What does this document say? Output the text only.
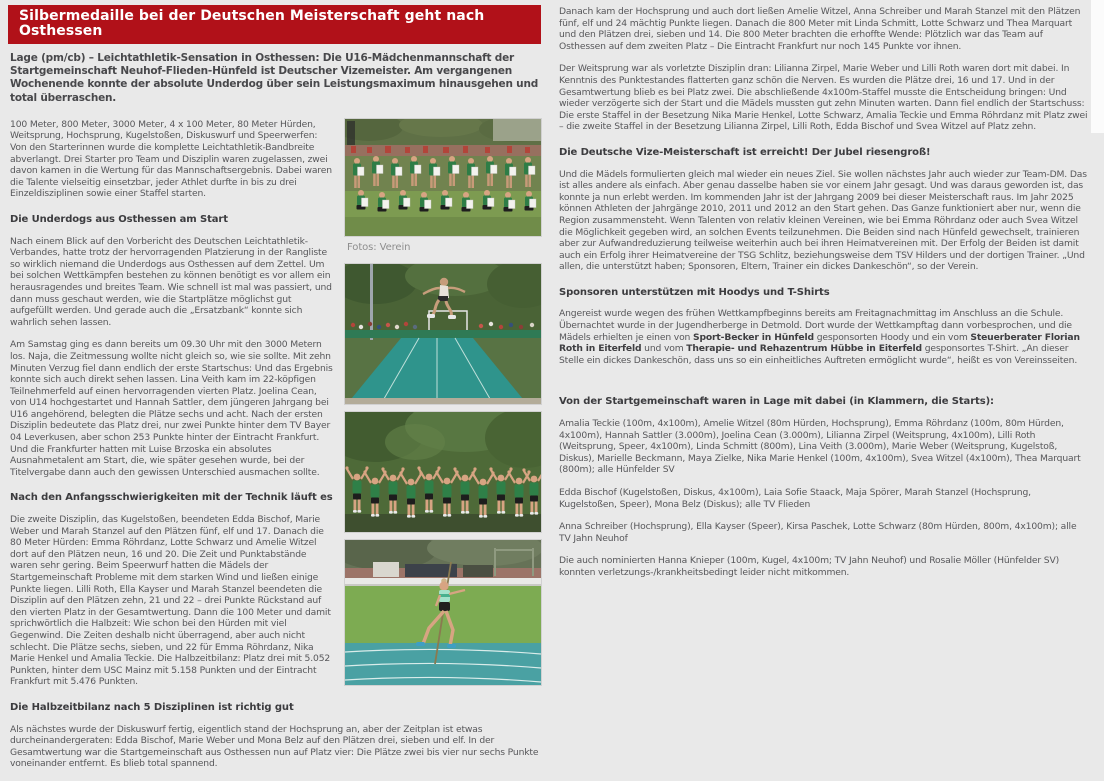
Silbermedaille bei der Deutschen Meisterschaft geht nach Osthessen

Lage (pm/cb) – Leichtathletik-Sensation in Osthessen: Die U16-Mädchenmannschaft der Startgemeinschaft Neuhof-Flieden-Hünfeld ist Deutscher Vizemeister. Am vergangenen Wochenende konnte der absolute Underdog über sein Leistungsmaximum hinausgehen und total überraschen.

Fotos: Verein

100 Meter, 800 Meter, 3000 Meter, 4 x 100 Meter, 80 Meter Hürden, Weitsprung, Hochsprung, Kugelstoßen, Diskuswurf und Speerwerfen: Von den Starterinnen wurde die komplette Leichtathletik-Bandbreite abverlangt. Drei Starter pro Team und Disziplin waren zugelassen, zwei davon kamen in die Wertung für das Mannschaftsergebnis. Dabei waren die Talente vielseitig einsetzbar, jeder Athlet durfte in bis zu drei Einzeldisziplinen sowie einer Staffel starten.

Die Underdogs aus Osthessen am Start

Nach einem Blick auf den Vorbericht des Deutschen Leichtathletik-Verbandes, hatte trotz der hervorragenden Platzierung in der Rangliste so wirklich niemand die Underdogs aus Osthessen auf dem Zettel. Um bei solchen Wettkämpfen bestehen zu können benötigt es vor allem ein herausragendes und breites Team. Wie schnell ist mal was passiert, und dann muss geschaut werden, wie die Startplätze möglichst gut aufgefüllt werden. Und gerade auch die „Ersatzbank“ konnte sich wahrlich sehen lassen.

Am Samstag ging es dann bereits um 09.30 Uhr mit den 3000 Metern los. Naja, die Zeitmessung wollte nicht gleich so, wie sie sollte. Mit zehn Minuten Verzug fiel dann endlich der erste Startschus: Und das Ergebnis konnte sich auch direkt sehen lassen. Lina Veith kam im 22-köpfigen Teilnehmerfeld auf einen hervorragenden vierten Platz. Joelina Cean, von U14 hochgestartet und Hannah Sattler, dem jüngeren Jahrgang bei U16 angehörend, belegten die Plätze sechs und acht. Nach der ersten Disziplin bedeutete das Platz drei, nur zwei Punkte hinter dem TV Bayer 04 Leverkusen, aber schon 253 Punkte hinter der Eintracht Frankfurt. Und die Frankfurter hatten mit Luise Brzoska ein absolutes Ausnahmetalent am Start, die, wie später gesehen wurde, bei der Titelvergabe dann auch den gewissen Unterschied ausmachen sollte.

Nach den Anfangsschwierigkeiten mit der Technik läuft es

Die zweite Disziplin, das Kugelstoßen, beendeten Edda Bischof, Marie Weber und Marah Stanzel auf den Plätzen fünf, elf und 17. Danach die 80 Meter Hürden: Emma Röhrdanz, Lotte Schwarz und Amelie Witzel dort auf den Plätzen neun, 16 und 20. Die Zeit und Punktabstände waren sehr gering. Beim Speerwurf hatten die Mädels der Startgemeinschaft Probleme mit dem starken Wind und ließen einige Punkte liegen. Lilli Roth, Ella Kayser und Marah Stanzel beendeten die Disziplin auf den Plätzen zehn, 21 und 22 – drei Punkte Rückstand auf den vierten Platz in der Gesamtwertung. Dann die 100 Meter und damit sprichwörtlich die Halbzeit: Wie schon bei den Hürden mit viel Gegenwind. Die Zeiten deshalb nicht überragend, aber auch nicht schlecht. Die Plätze sechs, sieben, und 22 für Emma Röhrdanz, Nika Marie Henkel und Amalia Teckie. Die Halbzeitbilanz: Platz drei mit 5.052 Punkten, hinter dem USC Mainz mit 5.158 Punkten und der Eintracht Frankfurt mit 5.476 Punkten.

Die Halbzeitbilanz nach 5 Disziplinen ist richtig gut

Als nächstes wurde der Diskuswurf fertig, eigentlich stand der Hochsprung an, aber der Zeitplan ist etwas durcheinandergeraten: Edda Bischof, Marie Weber und Mona Belz auf den Plätzen drei, sieben und elf. In der Gesamtwertung war die Startgemeinschaft aus Osthessen nun auf Platz vier: Die Plätze zwei bis vier nur sechs Punkte voneinander entfernt. Es blieb total spannend.

Danach kam der Hochsprung und auch dort ließen Amelie Witzel, Anna Schreiber und Marah Stanzel mit den Plätzen fünf, elf und 24 mächtig Punkte liegen. Danach die 800 Meter mit Linda Schmitt, Lotte Schwarz und Thea Marquart und den Plätzen drei, sieben und 14. Die 800 Meter brachten die erhoffte Wende: Plötzlich war das Team auf Osthessen auf dem zweiten Platz – Die Eintracht Frankfurt nur noch 145 Punkte vor ihnen.

Der Weitsprung war als vorletzte Disziplin dran: Lilianna Zirpel, Marie Weber und Lilli Roth waren dort mit dabei. In Kenntnis des Punktestandes flatterten ganz schön die Nerven. Es wurden die Plätze drei, 16 und 17. Und in der Gesamtwertung blieb es bei Platz zwei. Die abschließende 4x100m-Staffel musste die Entscheidung bringen: Und wieder verzögerte sich der Start und die Mädels mussten gut zehn Minuten warten. Dann fiel endlich der Startschuss: Die erste Staffel in der Besetzung Nika Marie Henkel, Lotte Schwarz, Amalia Teckie und Emma Röhrdanz mit Platz zwei – die zweite Staffel in der Besetzung Lilianna Zirpel, Lilli Roth, Edda Bischof und Svea Witzel auf Platz zehn.

Die Deutsche Vize-Meisterschaft ist erreicht! Der Jubel riesengroß!

Und die Mädels formulierten gleich mal wieder ein neues Ziel. Sie wollen nächstes Jahr auch wieder zur Team-DM. Das ist alles andere als einfach. Aber genau dasselbe haben sie vor einem Jahr gesagt. Und was daraus geworden ist, das konnte ja nun erlebt werden. Im kommenden Jahr ist der Jahrgang 2009 bei dieser Meisterschaft raus. Im Jahr 2025 können Athleten der Jahrgänge 2010, 2011 und 2012 an den Start gehen. Das Ganze funktioniert aber nur, wenn die Region zusammensteht. Wenn Talenten von relativ kleinen Vereinen, wie bei Emma Röhrdanz oder auch Svea Witzel die Möglichkeit gegeben wird, an solchen Events teilzunehmen. Die Beiden sind nach Hünfeld gewechselt, trainieren aber zur Aufwandreduzierung teilweise weiterhin auch bei ihren Heimatvereinen mit. Der Erfolg der Beiden ist damit auch ein Erfolg ihrer Heimatvereine der TSG Schlitz, beziehungsweise dem TSV Hilders und der dortigen Trainer. „Und allen, die unterstützt haben; Sponsoren, Eltern, Trainer ein dickes Dankeschön“, so der Verein.

Sponsoren unterstützen mit Hoodys und T-Shirts

Angereist wurde wegen des frühen Wettkampfbeginns bereits am Freitagnachmittag im Anschluss an die Schule. Übernachtet wurde in der Jugendherberge in Detmold. Dort wurde der Wettkampftag dann vorbesprochen, und die Mädels erhielten je einen von Sport-Becker in Hünfeld gesponsorten Hoody und ein vom Steuerberater Florian Roth in Eiterfeld und vom Therapie- und Rehazentrum Hübbe in Eiterfeld gesponsortes T-Shirt. „An dieser Stelle ein dickes Dankeschön, dass uns so ein einheitliches Auftreten ermöglicht wurde“, heißt es von Vereinsseiten.

Von der Startgemeinschaft waren in Lage mit dabei (in Klammern, die Starts):

Amalia Teckie (100m, 4x100m), Amelie Witzel (80m Hürden, Hochsprung), Emma Röhrdanz (100m, 80m Hürden, 4x100m), Hannah Sattler (3.000m), Joelina Cean (3.000m), Lilianna Zirpel (Weitsprung, 4x100m), Lilli Roth (Weitsprung, Speer, 4x100m), Linda Schmitt (800m), Lina Veith (3.000m), Marie Weber (Weitsprung, Kugelstoß, Diskus), Marielle Beckmann, Maya Zielke, Nika Marie Henkel (100m, 4x100m), Svea Witzel (4x100m), Thea Marquart (800m); alle Hünfelder SV

Edda Bischof (Kugelstoßen, Diskus, 4x100m), Laia Sofie Staack, Maja Spörer, Marah Stanzel (Hochsprung, Kugelstoßen, Speer), Mona Belz (Diskus); alle TV Flieden

Anna Schreiber (Hochsprung), Ella Kayser (Speer), Kirsa Paschek, Lotte Schwarz (80m Hürden, 800m, 4x100m); alle TV Jahn Neuhof

Die auch nominierten Hanna Knieper (100m, Kugel, 4x100m; TV Jahn Neuhof) und Rosalie Möller (Hünfelder SV) konnten verletzungs-/krankheitsbedingt leider nicht mitkommen.
